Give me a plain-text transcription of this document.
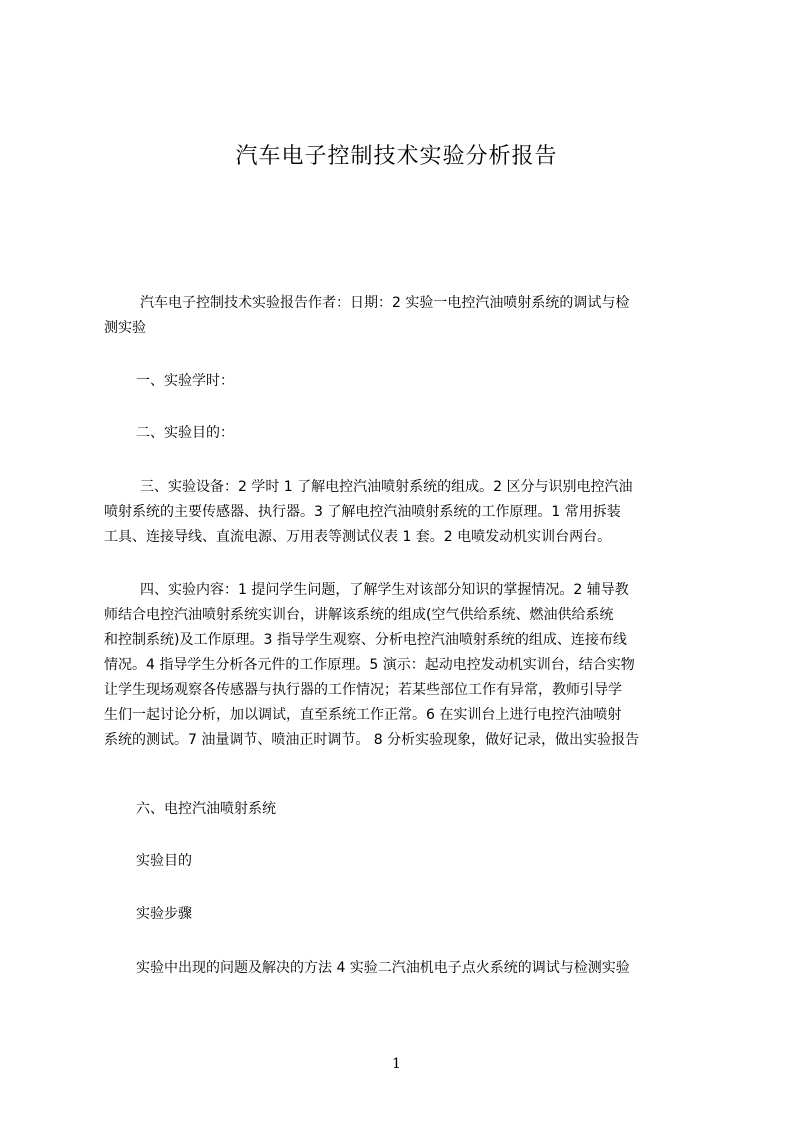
汽车电子控制技术实验分析报告
汽车电子控制技术实验报告作者：日期：2 实验一电控汽油喷射系统的调试与检
测实验
一、实验学时：
二、实验目的：
三、实验设备：2 学时 1 了解电控汽油喷射系统的组成。2 区分与识别电控汽油
喷射系统的主要传感器、执行器。3 了解电控汽油喷射系统的工作原理。1 常用拆装
工具、连接导线、直流电源、万用表等测试仪表 1 套。2 电喷发动机实训台两台。
四、实验内容：1 提问学生问题，了解学生对该部分知识的掌握情况。2 辅导教
师结合电控汽油喷射系统实训台，讲解该系统的组成(空气供给系统、燃油供给系统
和控制系统)及工作原理。3 指导学生观察、分析电控汽油喷射系统的组成、连接布线
情况。4 指导学生分析各元件的工作原理。5 演示：起动电控发动机实训台，结合实物
让学生现场观察各传感器与执行器的工作情况；若某些部位工作有异常，教师引导学
生们一起讨论分析，加以调试，直至系统工作正常。6 在实训台上进行电控汽油喷射
系统的测试。7 油量调节、喷油正时调节。 8 分析实验现象，做好记录，做出实验报告
六、电控汽油喷射系统
实验目的
实验步骤
实验中出现的问题及解决的方法 4 实验二汽油机电子点火系统的调试与检测实验
1
